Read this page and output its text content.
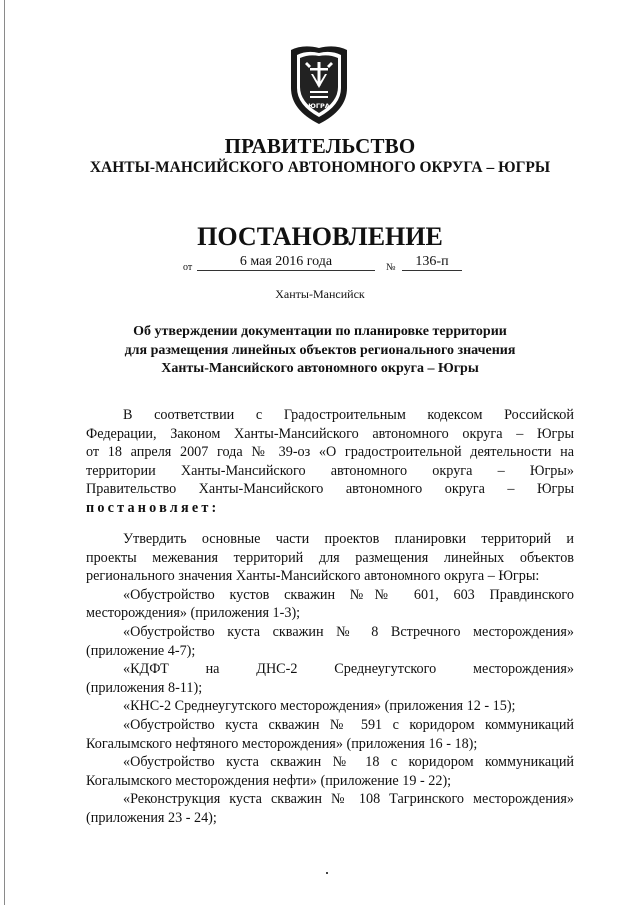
ЮГРА
ПРАВИТЕЛЬСТВО
ХАНТЫ-МАНСИЙСКОГО АВТОНОМНОГО ОКРУГА – ЮГРЫ
ПОСТАНОВЛЕНИЕ
от	6 мая 2016 года	№	136-п
Ханты-Мансийск
Об утверждении документации по планировке территории
для размещения линейных объектов регионального значения
Ханты-Мансийского автономного округа – Югры
В соответствии с Градостроительным кодексом Российской
Федерации, Законом Ханты-Мансийского автономного округа – Югры
от 18 апреля 2007 года № 39-оз «О градостроительной деятельности на
территории Ханты-Мансийского автономного округа – Югры»
Правительство Ханты-Мансийского автономного округа – Югры
постановляет:
Утвердить основные части проектов планировки территорий и
проекты межевания территорий для размещения линейных объектов
регионального значения Ханты-Мансийского автономного округа – Югры:
«Обустройство кустов скважин №№ 601, 603 Правдинского
месторождения» (приложения 1-3);
«Обустройство куста скважин № 8 Встречного месторождения»
(приложение 4-7);
«КДФТ на ДНС-2 Среднеугутского месторождения»
(приложения 8-11);
«КНС-2 Среднеугутского месторождения» (приложения 12 - 15);
«Обустройство куста скважин № 591 с коридором коммуникаций
Когалымского нефтяного месторождения» (приложения 16 - 18);
«Обустройство куста скважин № 18 с коридором коммуникаций
Когалымского месторождения нефти» (приложение 19 - 22);
«Реконструкция куста скважин № 108 Тагринского месторождения»
(приложения 23 - 24);
